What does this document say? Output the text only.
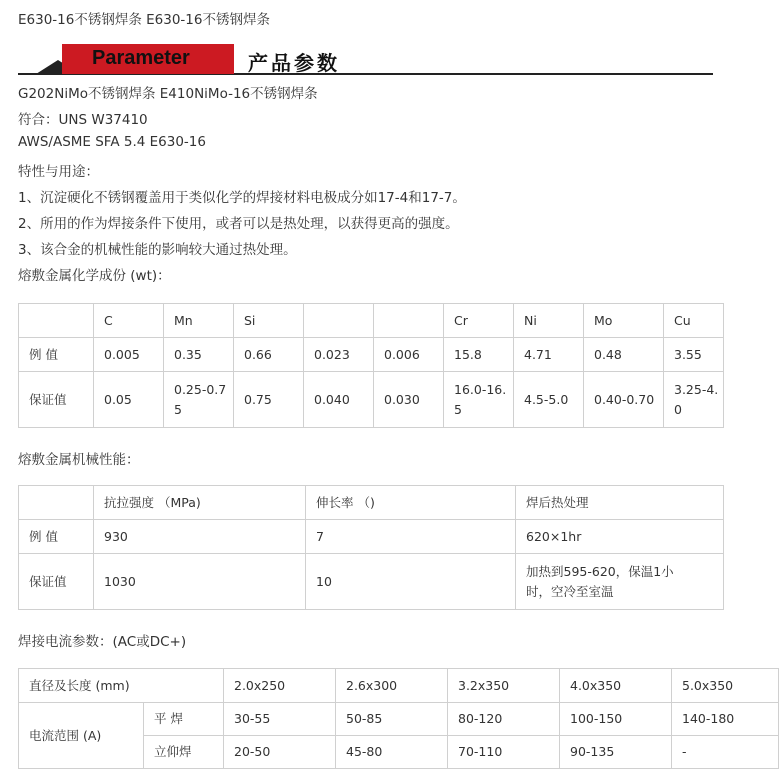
E630-16不锈钢焊条 E630-16不锈钢焊条
Parameter	产品参数
G202NiMo不锈钢焊条 E410NiMo-16不锈钢焊条
符合：UNS W37410
AWS/ASME SFA 5.4 E630-16
特性与用途：
1、沉淀硬化不锈钢覆盖用于类似化学的焊接材料电极成分如17-4和17-7。
2、所用的作为焊接条件下使用，或者可以是热处理，以获得更高的强度。
3、该合金的机械性能的影响较大通过热处理。
熔敷金属化学成份 (wt)：
	C	Mn	Si			Cr	Ni	Mo	Cu
例 值	0.005	0.35	0.66	0.023	0.006	15.8	4.71	0.48	3.55
保证值	0.05	0.25-0.75	0.75	0.040	0.030	16.0-16.5	4.5-5.0	0.40-0.70	3.25-4.0
熔敷金属机械性能：
	抗拉强度 （MPa)	伸长率 （)	焊后热处理
例 值	930	7	620×1hr
保证值	1030	10	加热到595-620，保温1小时，空冷至室温
焊接电流参数：(AC或DC+)
直径及长度 (mm)		2.0x250	2.6x300	3.2x350	4.0x350	5.0x350
电流范围 (A)	平 焊	30-55	50-85	80-120	100-150	140-180
	立仰焊	20-50	45-80	70-110	90-135	-
